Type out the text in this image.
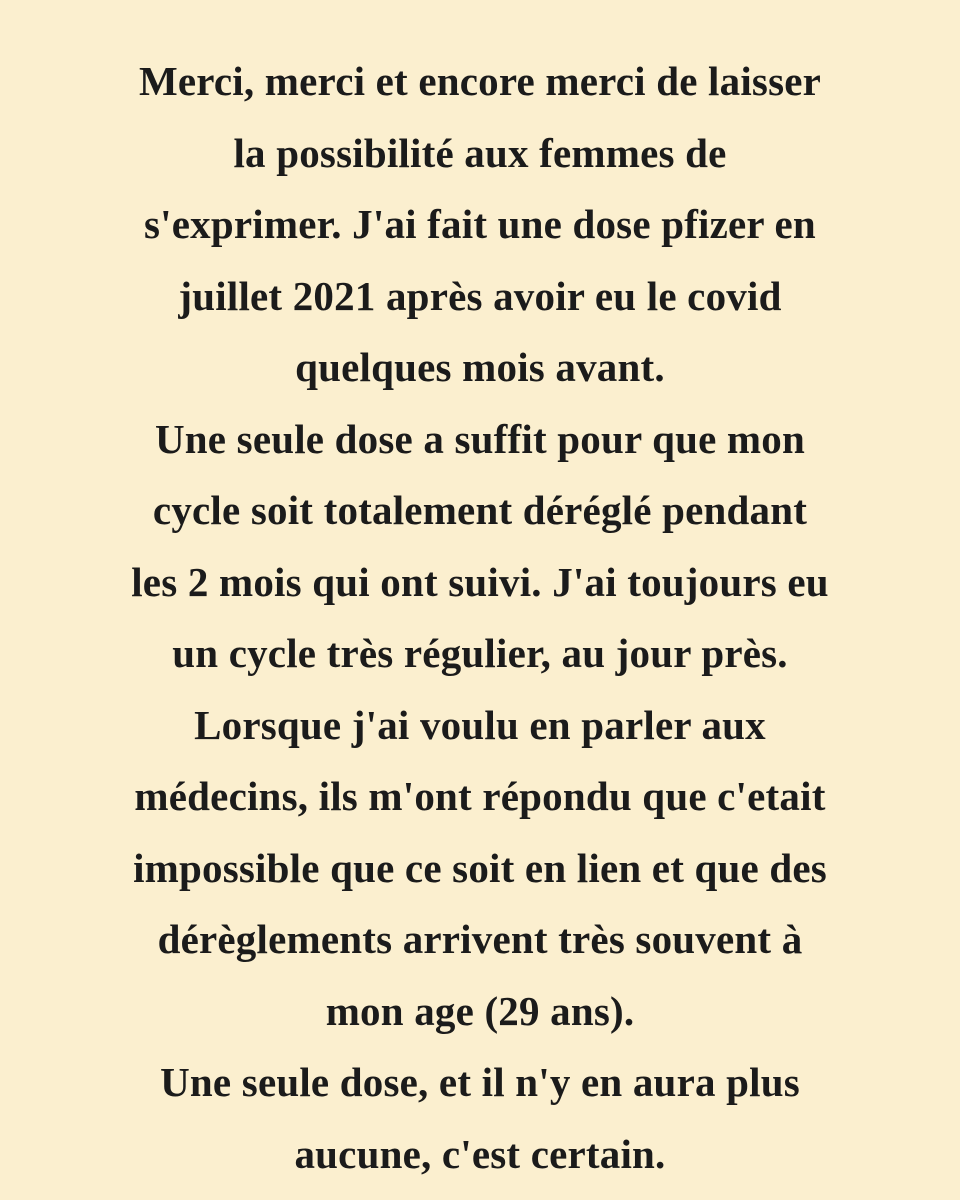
Merci, merci et encore merci de laisser
la possibilité aux femmes de
s'exprimer. J'ai fait une dose pfizer en
juillet 2021 après avoir eu le covid
quelques mois avant.
Une seule dose a suffit pour que mon
cycle soit totalement déréglé pendant
les 2 mois qui ont suivi. J'ai toujours eu
un cycle très régulier, au jour près.
Lorsque j'ai voulu en parler aux
médecins, ils m'ont répondu que c'etait
impossible que ce soit en lien et que des
dérèglements arrivent très souvent à
mon age (29 ans).
Une seule dose, et il n'y en aura plus
aucune, c'est certain.
